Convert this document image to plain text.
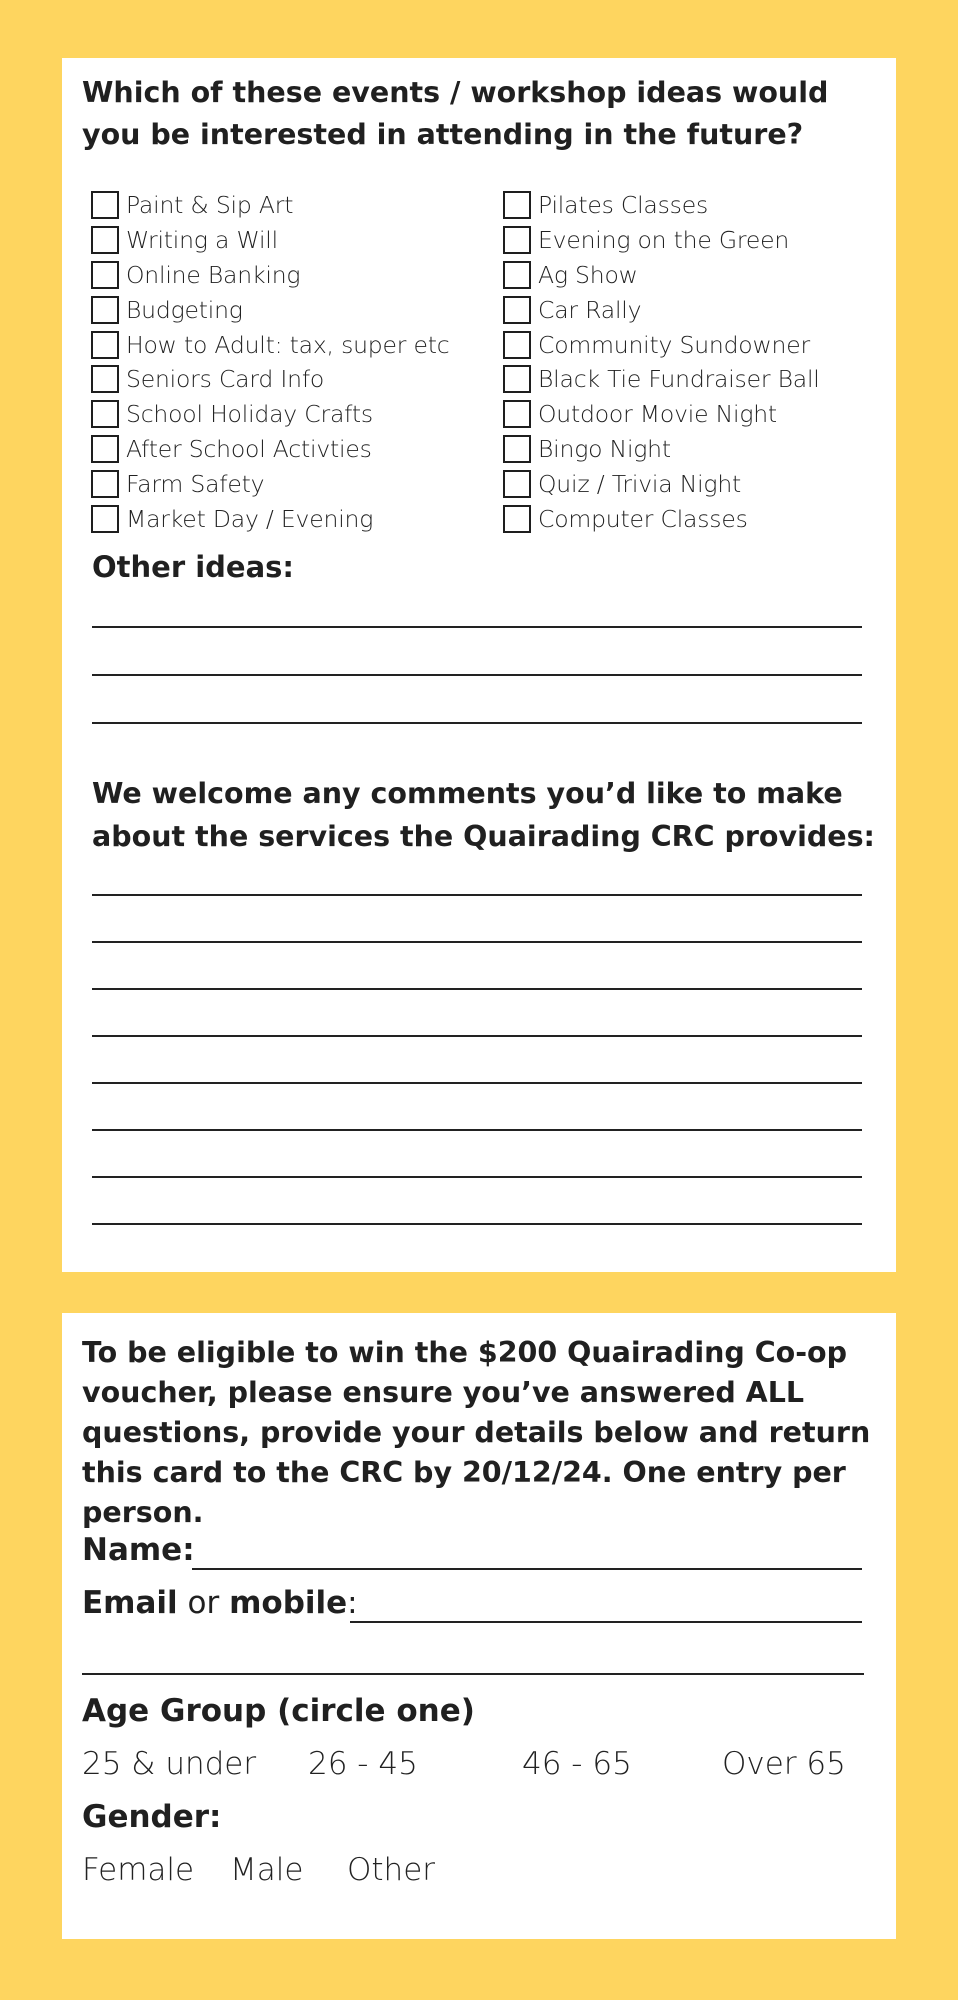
Which of these events / workshop ideas would you be interested in attending in the future?

Paint & Sip Art
Writing a Will
Online Banking
Budgeting
How to Adult: tax, super etc
Seniors Card Info
School Holiday Crafts
After School Activties
Farm Safety
Market Day / Evening
Pilates Classes
Evening on the Green
Ag Show
Car Rally
Community Sundowner
Black Tie Fundraiser Ball
Outdoor Movie Night
Bingo Night
Quiz / Trivia Night
Computer Classes

Other ideas:

We welcome any comments you’d like to make about the services the Quairading CRC provides:

To be eligible to win the $200 Quairading Co-op voucher, please ensure you’ve answered ALL questions, provide your details below and return this card to the CRC by 20/12/24. One entry per person.

Name:
Email or mobile:

Age Group (circle one)

25 & under 26 - 45	46 - 65	Over 65

Gender:

Female Male Other
